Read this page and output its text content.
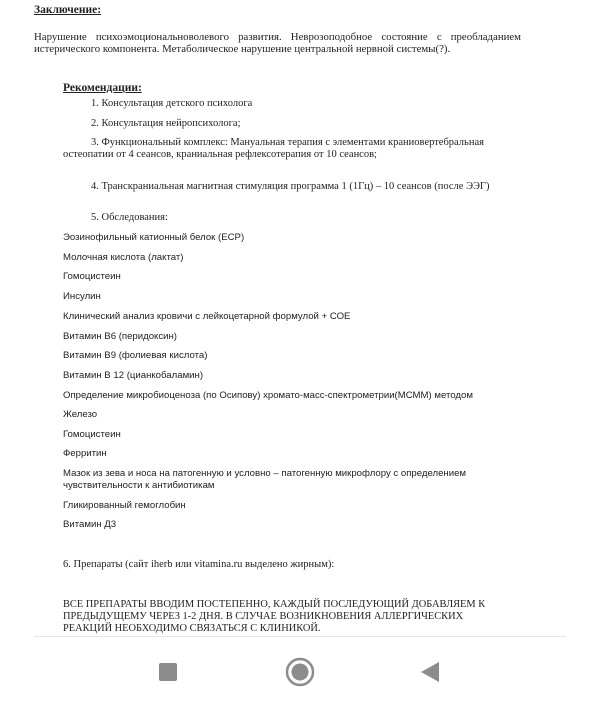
Заключение:

Нарушение психоэмоциональноволевого развития. Неврозоподобное состояние с преобладанием истерического компонента. Метаболическое нарушение центральной нервной системы(?).

Рекомендации:

1. Консультация детского психолога

2. Консультация нейропсихолога;

3. Функциональный комплекс: Мануальная терапия с элементами краниовертебральная остеопатии от 4 сеансов, краниальная рефлексотерапия от 10 сеансов;

4. Транскраниальная магнитная стимуляция программа 1 (1Гц) – 10 сеансов (после ЭЭГ)

5. Обследования:

Эозинофильный катионный белок (ECP)

Молочная кислота (лактат)

Гомоцистеин

Инсулин

Клинический анализ кровичи с лейкоцетарной формулой + СОЕ

Витамин В6 (перидоксин)

Витамин В9 (фолиевая кислота)

Витамин В 12 (цианкобаламин)

Определение микробиоценоза (по Осипову) хромато-масс-спектрометрии(МСММ) методом

Железо

Гомоцистеин

Ферритин

Мазок из зева и носа на патогенную и условно – патогенную микрофлору с определением чувствительности к антибиотикам

Гликированный гемоглобин

Витамин Д3

6. Препараты (сайт iherb или vitamina.ru выделено жирным):

ВСЕ ПРЕПАРАТЫ ВВОДИМ ПОСТЕПЕННО, КАЖДЫЙ ПОСЛЕДУЮЩИЙ ДОБАВЛЯЕМ К ПРЕДЫДУЩЕМУ ЧЕРЕЗ 1-2 ДНЯ. В СЛУЧАЕ ВОЗНИКНОВЕНИЯ АЛЛЕРГИЧЕСКИХ РЕАКЦИЙ НЕОБХОДИМО СВЯЗАТЬСЯ С КЛИНИКОЙ.
